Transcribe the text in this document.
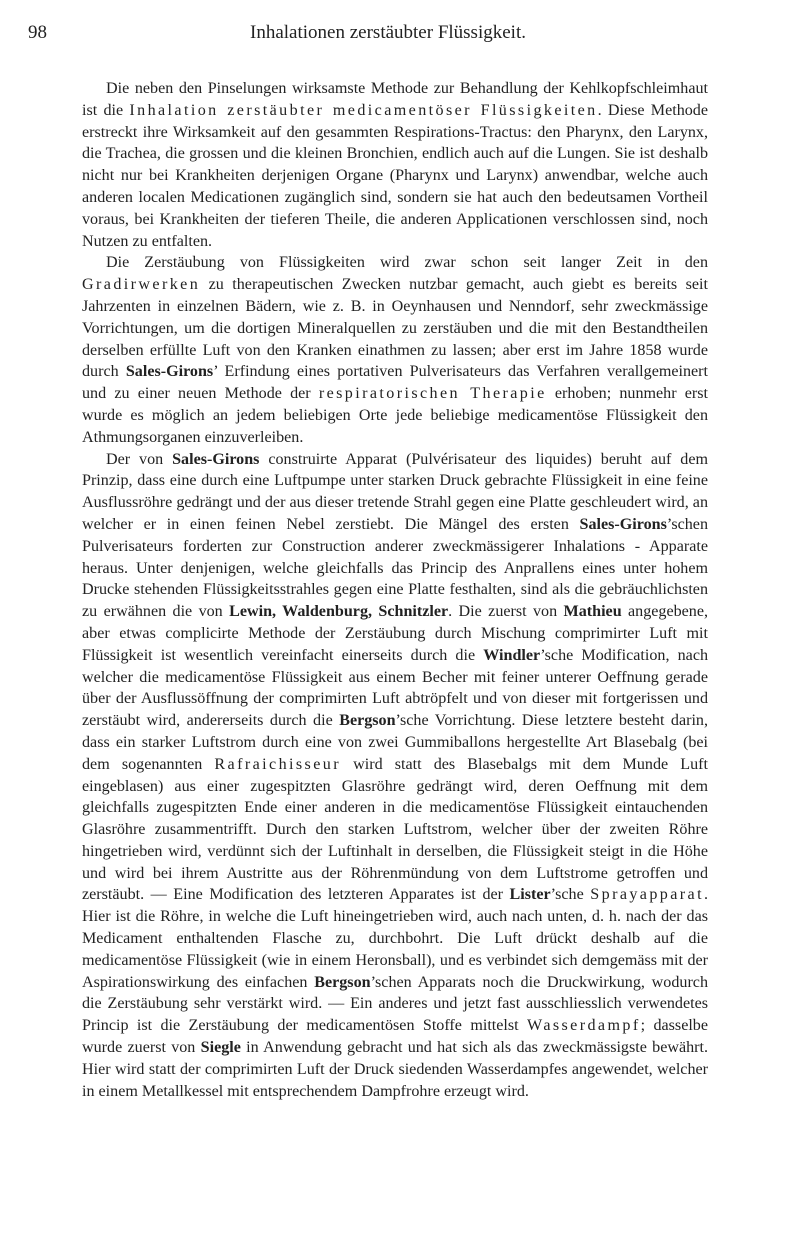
98	Inhalationen zerstäubter Flüssigkeit.

Die neben den Pinselungen wirksamste Methode zur Behandlung der Kehlkopfschleimhaut ist die Inhalation zerstäubter medicamentöser Flüssigkeiten. Diese Methode erstreckt ihre Wirksamkeit auf den gesammten Respirations-Tractus: den Pharynx, den Larynx, die Trachea, die grossen und die kleinen Bronchien, endlich auch auf die Lungen. Sie ist deshalb nicht nur bei Krankheiten derjenigen Organe (Pharynx und Larynx) anwendbar, welche auch anderen localen Medicationen zugänglich sind, sondern sie hat auch den bedeutsamen Vortheil voraus, bei Krankheiten der tieferen Theile, die anderen Applicationen verschlossen sind, noch Nutzen zu entfalten.

Die Zerstäubung von Flüssigkeiten wird zwar schon seit langer Zeit in den Gradirwerken zu therapeutischen Zwecken nutzbar gemacht, auch giebt es bereits seit Jahrzenten in einzelnen Bädern, wie z. B. in Oeynhausen und Nenndorf, sehr zweckmässige Vorrichtungen, um die dortigen Mineralquellen zu zerstäuben und die mit den Bestandtheilen derselben erfüllte Luft von den Kranken einathmen zu lassen; aber erst im Jahre 1858 wurde durch Sales-Girons’ Erfindung eines portativen Pulverisateurs das Verfahren verallgemeinert und zu einer neuen Methode der respiratorischen Therapie erhoben; nunmehr erst wurde es möglich an jedem beliebigen Orte jede beliebige medicamentöse Flüssigkeit den Athmungsorganen einzuverleiben.

Der von Sales-Girons construirte Apparat (Pulvérisateur des liquides) beruht auf dem Prinzip, dass eine durch eine Luftpumpe unter starken Druck gebrachte Flüssigkeit in eine feine Ausflussröhre gedrängt und der aus dieser tretende Strahl gegen eine Platte geschleudert wird, an welcher er in einen feinen Nebel zerstiebt. Die Mängel des ersten Sales-Girons’schen Pulverisateurs forderten zur Construction anderer zweckmässigerer Inhalations - Apparate heraus. Unter denjenigen, welche gleichfalls das Princip des Anprallens eines unter hohem Drucke stehenden Flüssigkeitsstrahles gegen eine Platte festhalten, sind als die gebräuchlichsten zu erwähnen die von Lewin, Waldenburg, Schnitzler. Die zuerst von Mathieu angegebene, aber etwas complicirte Methode der Zerstäubung durch Mischung comprimirter Luft mit Flüssigkeit ist wesentlich vereinfacht einerseits durch die Windler’sche Modification, nach welcher die medicamentöse Flüssigkeit aus einem Becher mit feiner unterer Oeffnung gerade über der Ausflussöffnung der comprimirten Luft abtröpfelt und von dieser mit fortgerissen und zerstäubt wird, andererseits durch die Bergson’sche Vorrichtung. Diese letztere besteht darin, dass ein starker Luftstrom durch eine von zwei Gummiballons hergestellte Art Blasebalg (bei dem sogenannten Rafraichisseur wird statt des Blasebalgs mit dem Munde Luft eingeblasen) aus einer zugespitzten Glasröhre gedrängt wird, deren Oeffnung mit dem gleichfalls zugespitzten Ende einer anderen in die medicamentöse Flüssigkeit eintauchenden Glasröhre zusammentrifft. Durch den starken Luftstrom, welcher über der zweiten Röhre hingetrieben wird, verdünnt sich der Luftinhalt in derselben, die Flüssigkeit steigt in die Höhe und wird bei ihrem Austritte aus der Röhrenmündung von dem Luftstrome getroffen und zerstäubt. — Eine Modification des letzteren Apparates ist der Lister’sche Sprayapparat. Hier ist die Röhre, in welche die Luft hineingetrieben wird, auch nach unten, d. h. nach der das Medicament enthaltenden Flasche zu, durchbohrt. Die Luft drückt deshalb auf die medicamentöse Flüssigkeit (wie in einem Heronsball), und es verbindet sich demgemäss mit der Aspirationswirkung des einfachen Bergson’schen Apparats noch die Druckwirkung, wodurch die Zerstäubung sehr verstärkt wird. — Ein anderes und jetzt fast ausschliesslich verwendetes Princip ist die Zerstäubung der medicamentösen Stoffe mittelst Wasserdampf; dasselbe wurde zuerst von Siegle in Anwendung gebracht und hat sich als das zweckmässigste bewährt. Hier wird statt der comprimirten Luft der Druck siedenden Wasserdampfes angewendet, welcher in einem Metallkessel mit entsprechendem Dampfrohre erzeugt wird.
